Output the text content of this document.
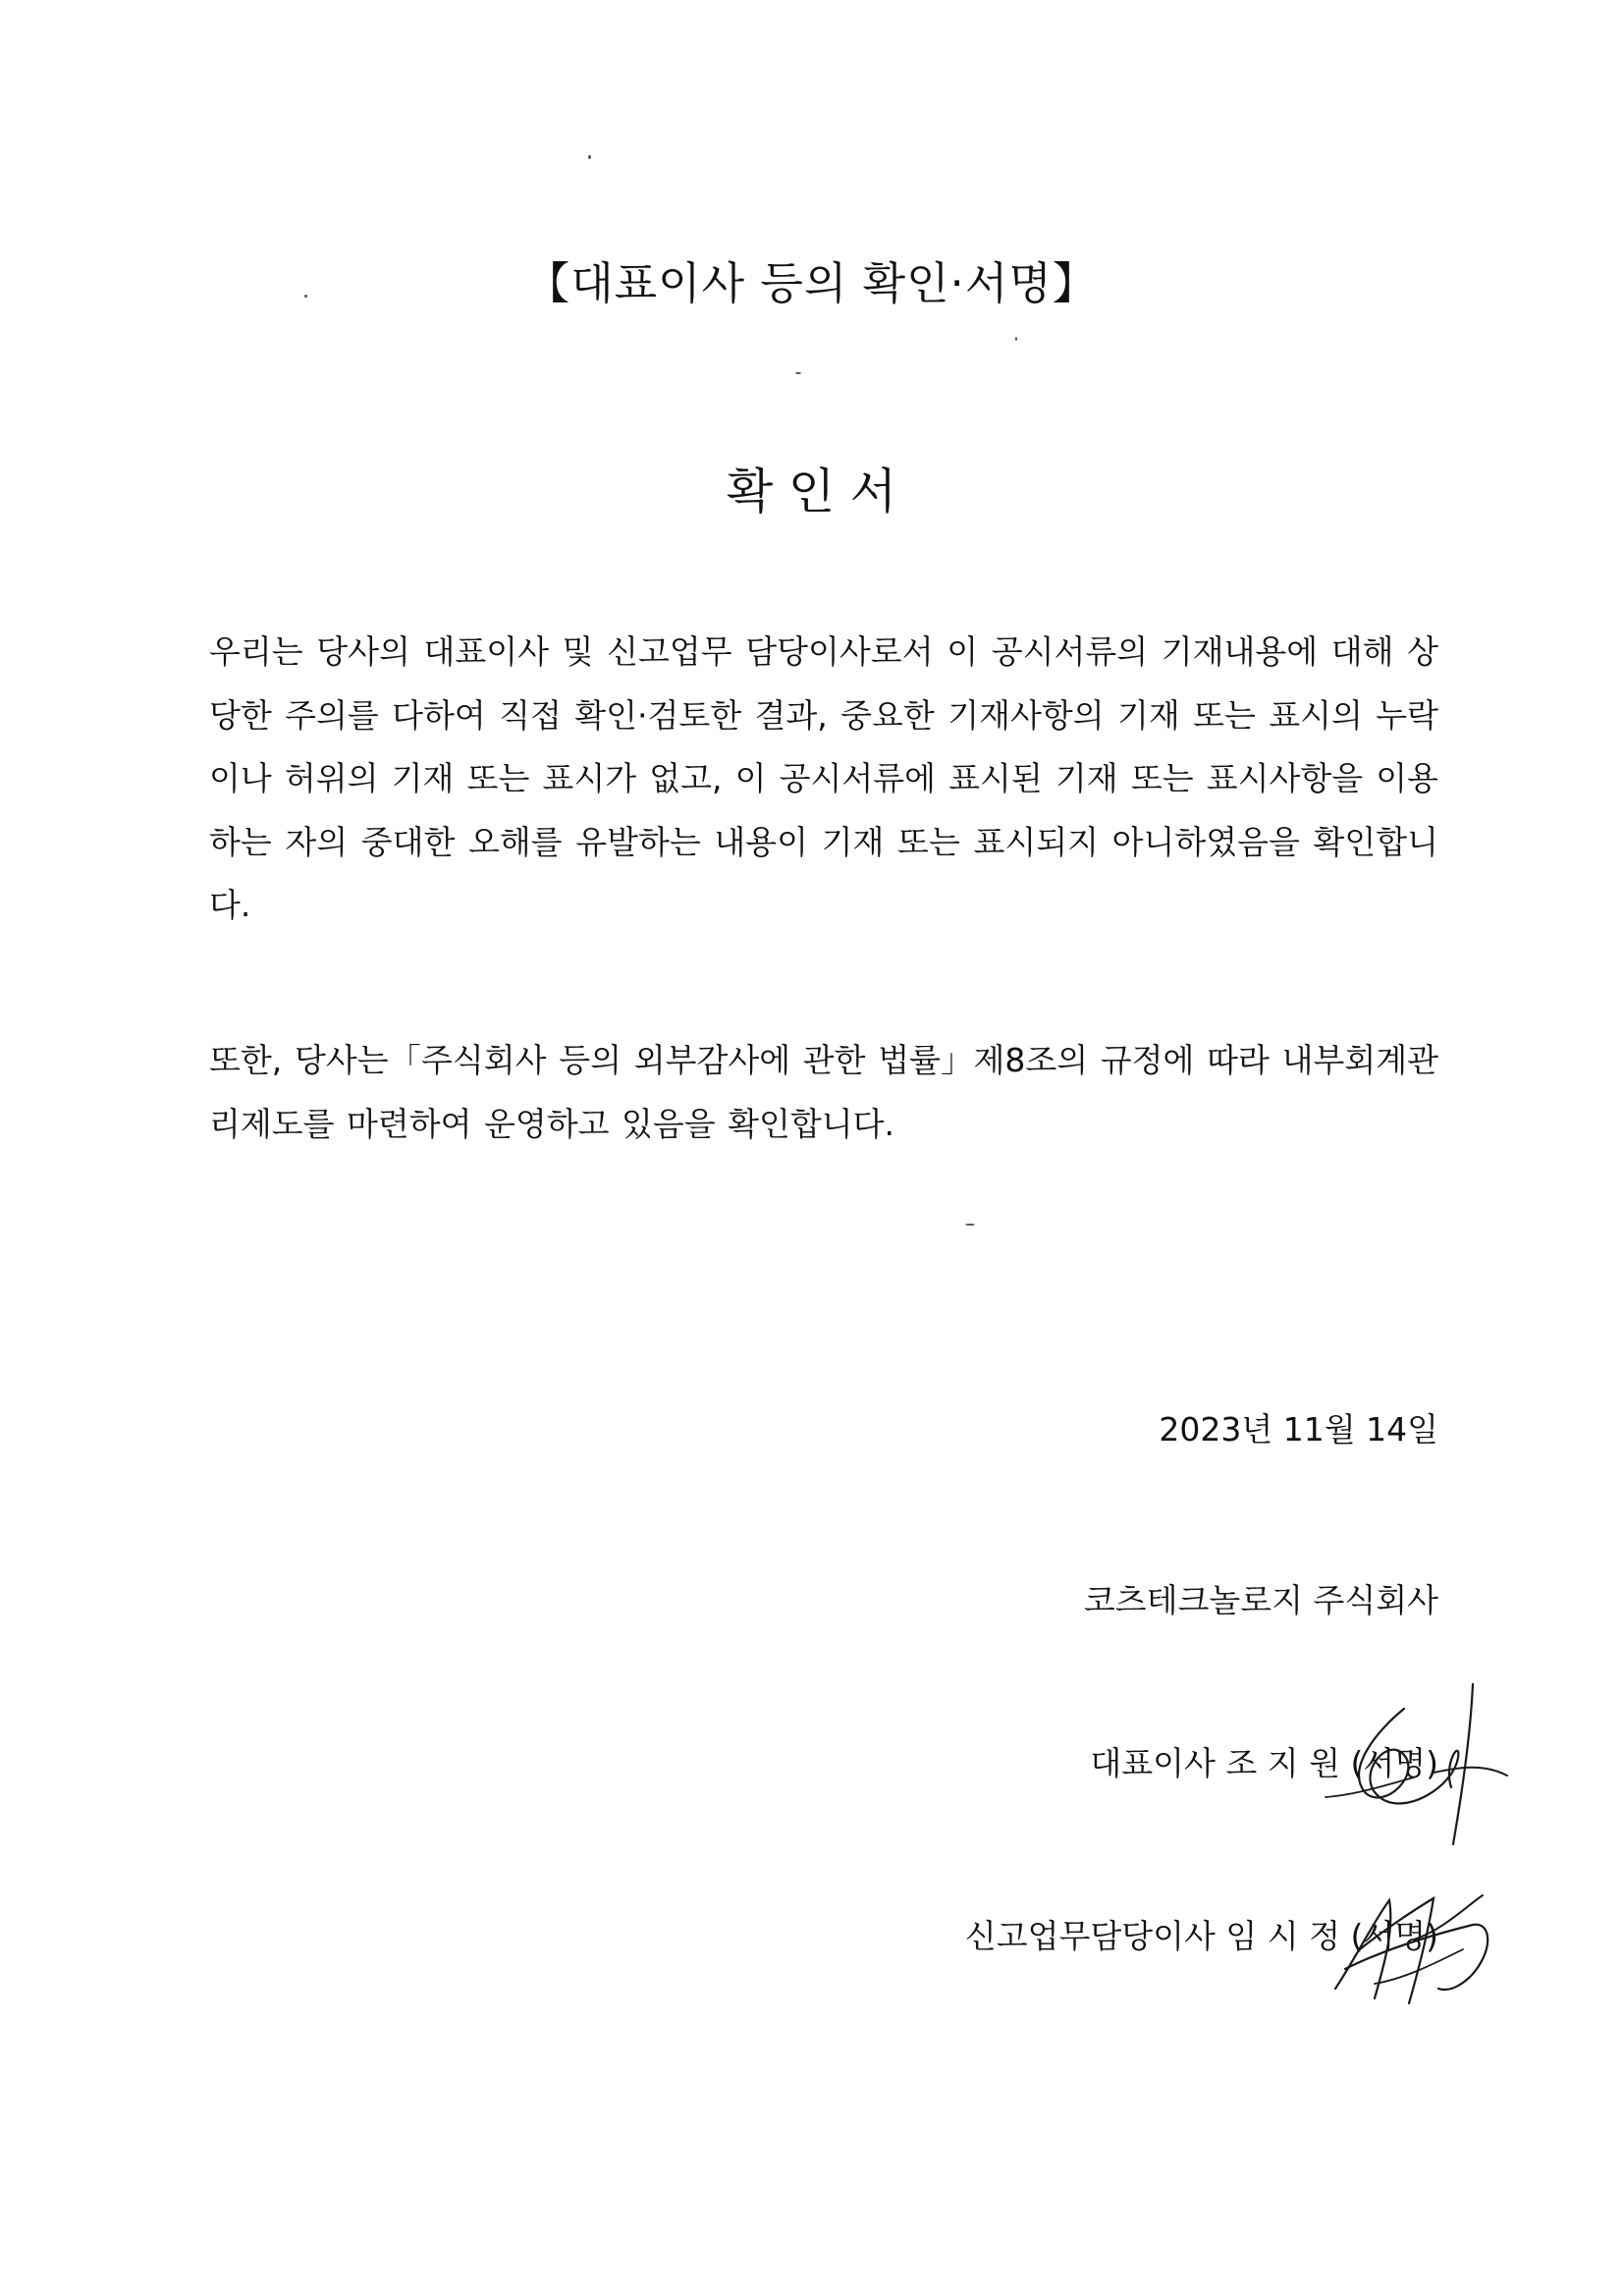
【대표이사 등의 확인·서명】
확 인 서
우리는 당사의 대표이사 및 신고업무 담당이사로서 이 공시서류의 기재내용에 대해 상당한 주의를 다하여 직접 확인·검토한 결과, 중요한 기재사항의 기재 또는 표시의 누락이나 허위의 기재 또는 표시가 없고, 이 공시서류에 표시된 기재 또는 표시사항을 이용하는 자의 중대한 오해를 유발하는 내용이 기재 또는 표시되지 아니하였음을 확인합니다.
또한, 당사는「주식회사 등의 외부감사에 관한 법률」제8조의 규정에 따라 내부회계관리제도를 마련하여 운영하고 있음을 확인합니다.
2023년 11월 14일
코츠테크놀로지 주식회사
대표이사 조 지 원 (서명)
신고업무담당이사 임 시 정 (서명)
